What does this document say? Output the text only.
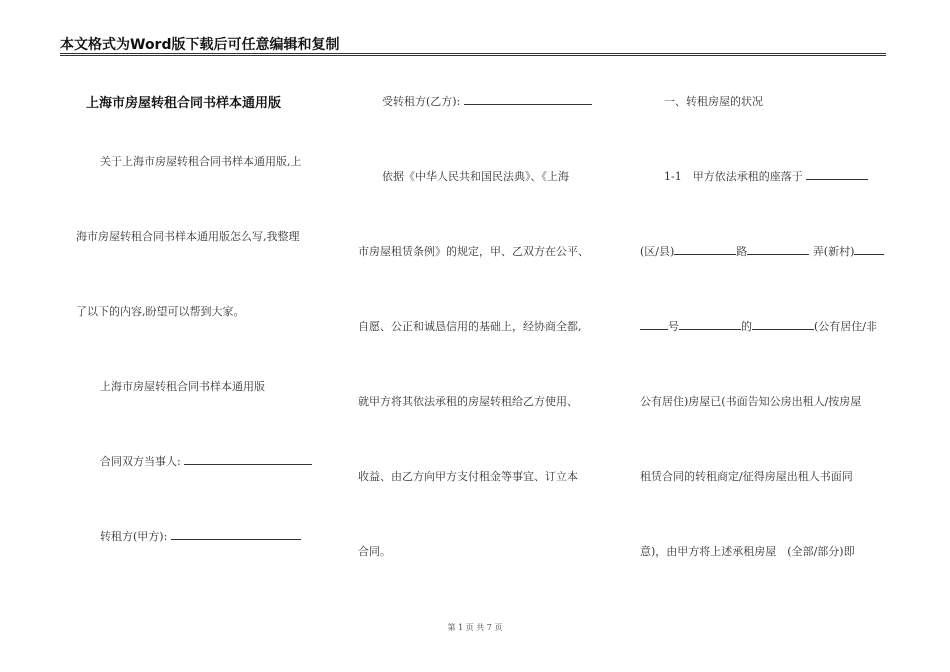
本文格式为Word版下载后可任意编辑和复制
上海市房屋转租合同书样本通用版
关于上海市房屋转租合同书样本通用版,上
海市房屋转租合同书样本通用版怎么写,我整理
了以下的内容,盼望可以帮到大家。
上海市房屋转租合同书样本通用版
合同双方当事人:
转租方(甲方):
受转租方(乙方):
依据《中华人民共和国民法典》、《上海
市房屋租赁条例》的规定，甲、乙双方在公平、
自愿、公正和诚恳信用的基础上，经协商全都,
就甲方将其依法承租的房屋转租给乙方使用、
收益、由乙方向甲方支付租金等事宜、订立本
合同。
一、转租房屋的状况
1-1　甲方依法承租的座落于
(区/县)	路	弄(新村)
号	的	(公有居住/非
公有居住)房屋已(书面告知公房出租人/按房屋
租赁合同的转租商定/征得房屋出租人书面同
意)，由甲方将上述承租房屋　(全部/部分)即
第 1 页 共 7 页
